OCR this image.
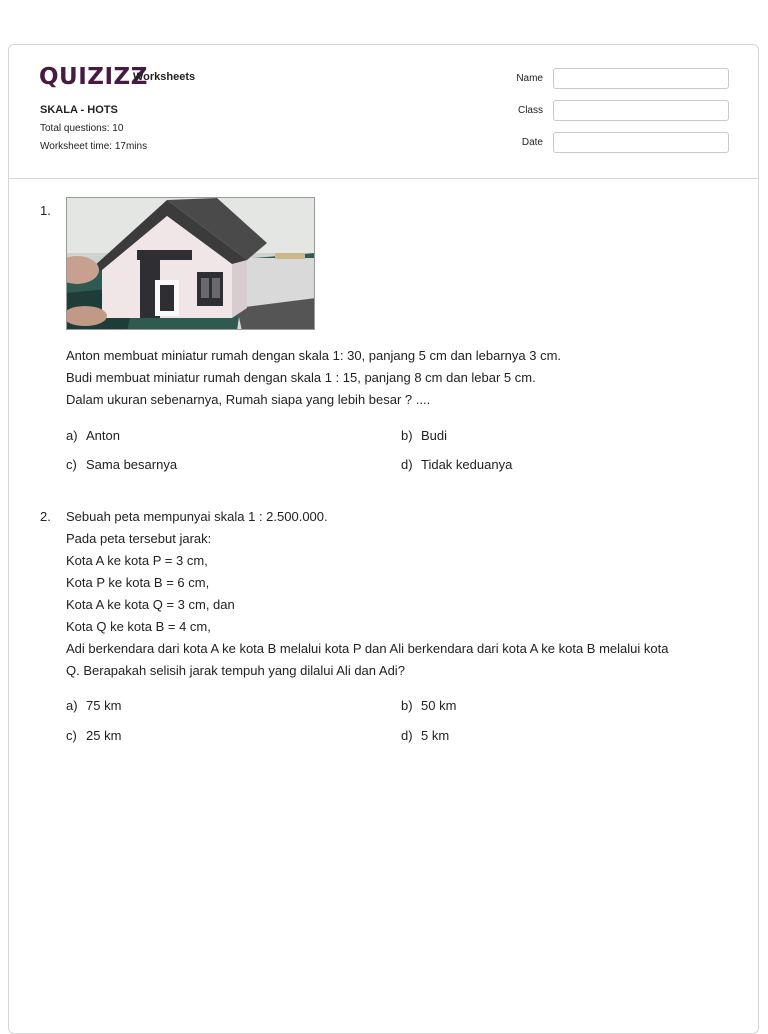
QUIZIZZ
Worksheets
SKALA - HOTS
Total questions: 10
Worksheet time: 17mins
Name
Class
Date
1.
Anton membuat miniatur rumah dengan skala 1: 30, panjang 5 cm dan lebarnya 3 cm.
Budi membuat miniatur rumah dengan skala 1 : 15, panjang 8 cm dan lebar 5 cm.
Dalam ukuran sebenarnya, Rumah siapa yang lebih besar ? ....
a) Anton	b) Budi
c) Sama besarnya	d) Tidak keduanya
2. Sebuah peta mempunyai skala 1 : 2.500.000.
Pada peta tersebut jarak:
Kota A ke kota P = 3 cm,
Kota P ke kota B = 6 cm,
Kota A ke kota Q = 3 cm, dan
Kota Q ke kota B = 4 cm,
Adi berkendara dari kota A ke kota B melalui kota P dan Ali berkendara dari kota A ke kota B melalui kota
Q. Berapakah selisih jarak tempuh yang dilalui Ali dan Adi?
a) 75 km	b) 50 km
c) 25 km	d) 5 km
